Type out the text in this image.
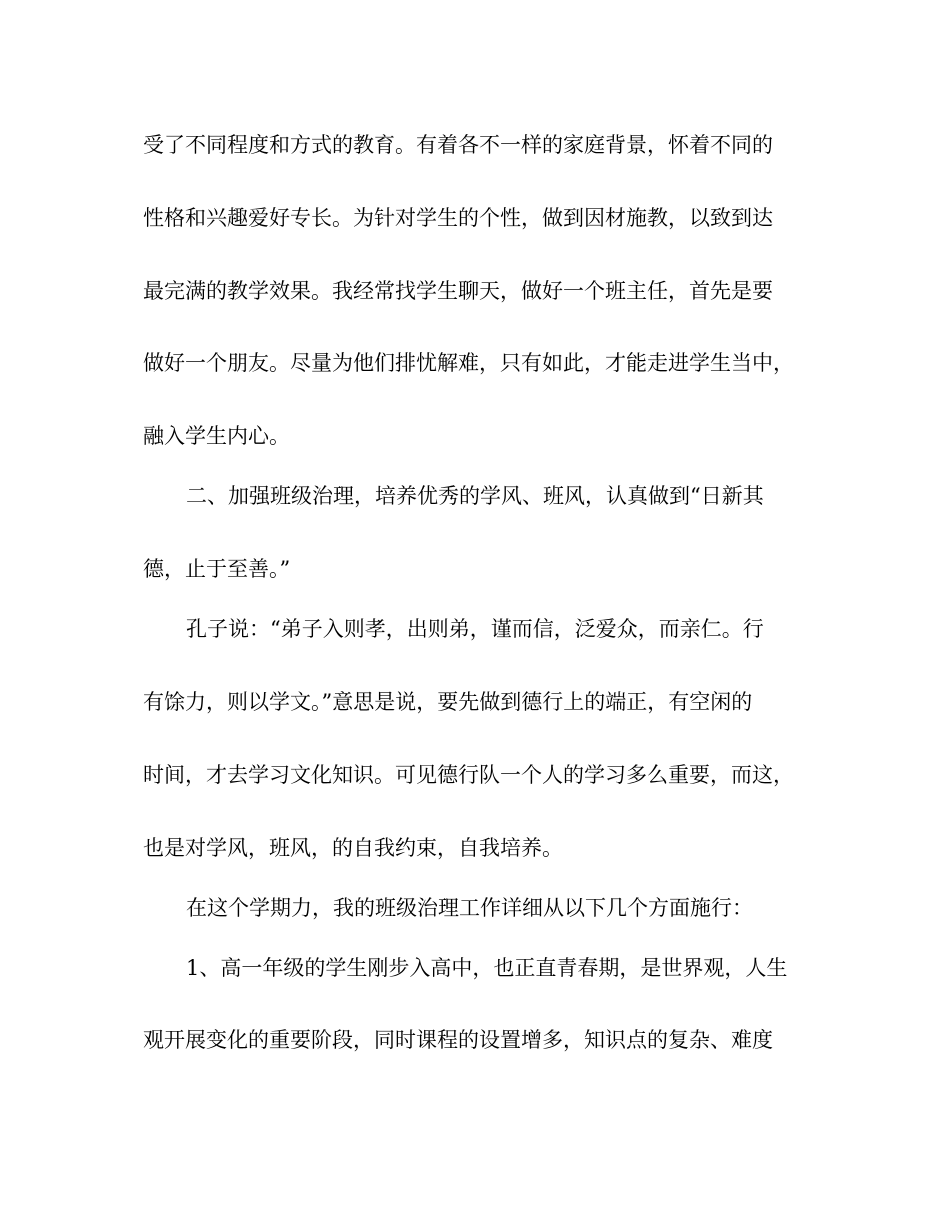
受了不同程度和方式的教育。有着各不一样的家庭背景，怀着不同的
性格和兴趣爱好专长。为针对学生的个性，做到因材施教，以致到达
最完满的教学效果。我经常找学生聊天，做好一个班主任，首先是要
做好一个朋友。尽量为他们排忧解难，只有如此，才能走进学生当中，
融入学生内心。
二、加强班级治理，培养优秀的学风、班风，认真做到“日新其
德，止于至善。”
孔子说：“弟子入则孝，出则弟，谨而信，泛爱众，而亲仁。行
有馀力，则以学文。”意思是说，要先做到德行上的端正，有空闲的
时间，才去学习文化知识。可见德行队一个人的学习多么重要，而这，
也是对学风，班风，的自我约束，自我培养。
在这个学期力，我的班级治理工作详细从以下几个方面施行：
1、高一年级的学生刚步入高中，也正直青春期，是世界观，人生
观开展变化的重要阶段，同时课程的设置增多，知识点的复杂、难度
